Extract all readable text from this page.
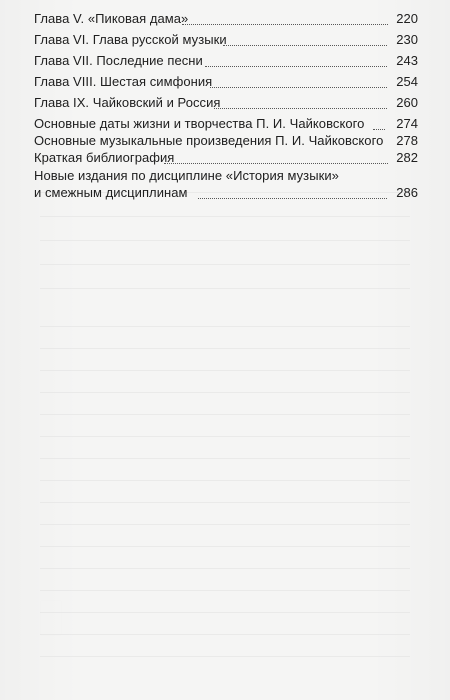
Глава V. «Пиковая дама»	220
Глава VI. Глава русской музыки	230
Глава VII. Последние песни	243
Глава VIII. Шестая симфония	254
Глава IX. Чайковский и Россия	260
Основные даты жизни и творчества П. И. Чайковского 274
Основные музыкальные произведения П. И. Чайковского 278
Краткая библиография	282
Новые издания по дисциплине «История музыки»
и смежным дисциплинам	286
